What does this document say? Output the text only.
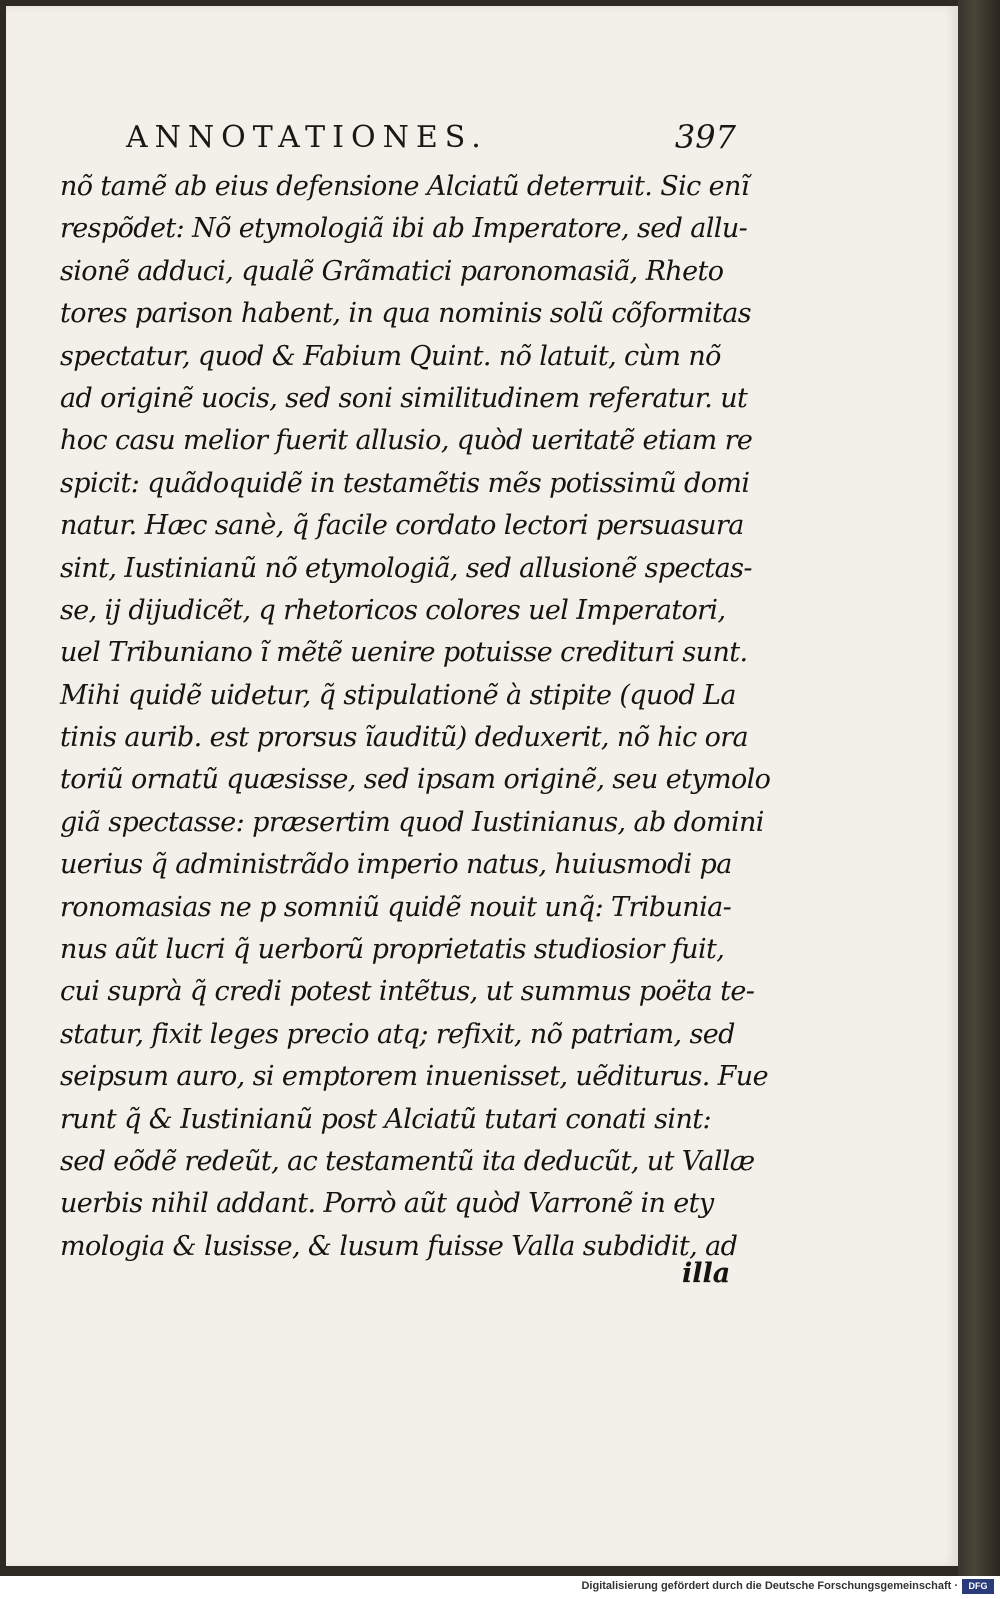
ANNOTATIONES.	397
nõ tamẽ ab eius defensione Alciatũ deterruit. Sic enĩ
respõdet: Nõ etymologiã ibi ab Imperatore, sed allu-
sionẽ adduci, qualẽ Grãmatici paronomasiã, Rheto
tores parison habent, in qua nominis solũ cõformitas
spectatur, quod & Fabium Quint. nõ latuit, cùm nõ
ad originẽ uocis, sed soni similitudinem referatur. ut
hoc casu melior fuerit allusio, quòd ueritatẽ etiam re
spicit: quãdoquidẽ in testamẽtis mẽs potissimũ domi
natur. Hæc sanè, q̃ facile cordato lectori persuasura
sint, Iustinianũ nõ etymologiã, sed allusionẽ spectas-
se, ij dijudicẽt, q rhetoricos colores uel Imperatori,
uel Tribuniano ĩ mẽtẽ uenire potuisse credituri sunt.
Mihi quidẽ uidetur, q̃ stipulationẽ à stipite (quod La
tinis aurib. est prorsus ĩauditũ) deduxerit, nõ hic ora
toriũ ornatũ quæsisse, sed ipsam originẽ, seu etymolo
giã spectasse: præsertim quod Iustinianus, ab domini
uerius q̃ administrãdo imperio natus, huiusmodi pa
ronomasias ne p somniũ quidẽ nouit unq̃: Tribunia-
nus aũt lucri q̃ uerborũ proprietatis studiosior fuit,
cui suprà q̃ credi potest intẽtus, ut summus poëta te-
statur, fixit leges precio atq; refixit, nõ patriam, sed
seipsum auro, si emptorem inuenisset, uẽditurus. Fue
runt q̃ & Iustinianũ post Alciatũ tutari conati sint:
sed eõdẽ redeũt, ac testamentũ ita deducũt, ut Vallæ
uerbis nihil addant. Porrò aũt quòd Varronẽ in ety
mologia & lusisse, & lusum fuisse Valla subdidit, ad
illa
Digitalisierung gefördert durch die Deutsche Forschungsgemeinschaft ·	DFG
